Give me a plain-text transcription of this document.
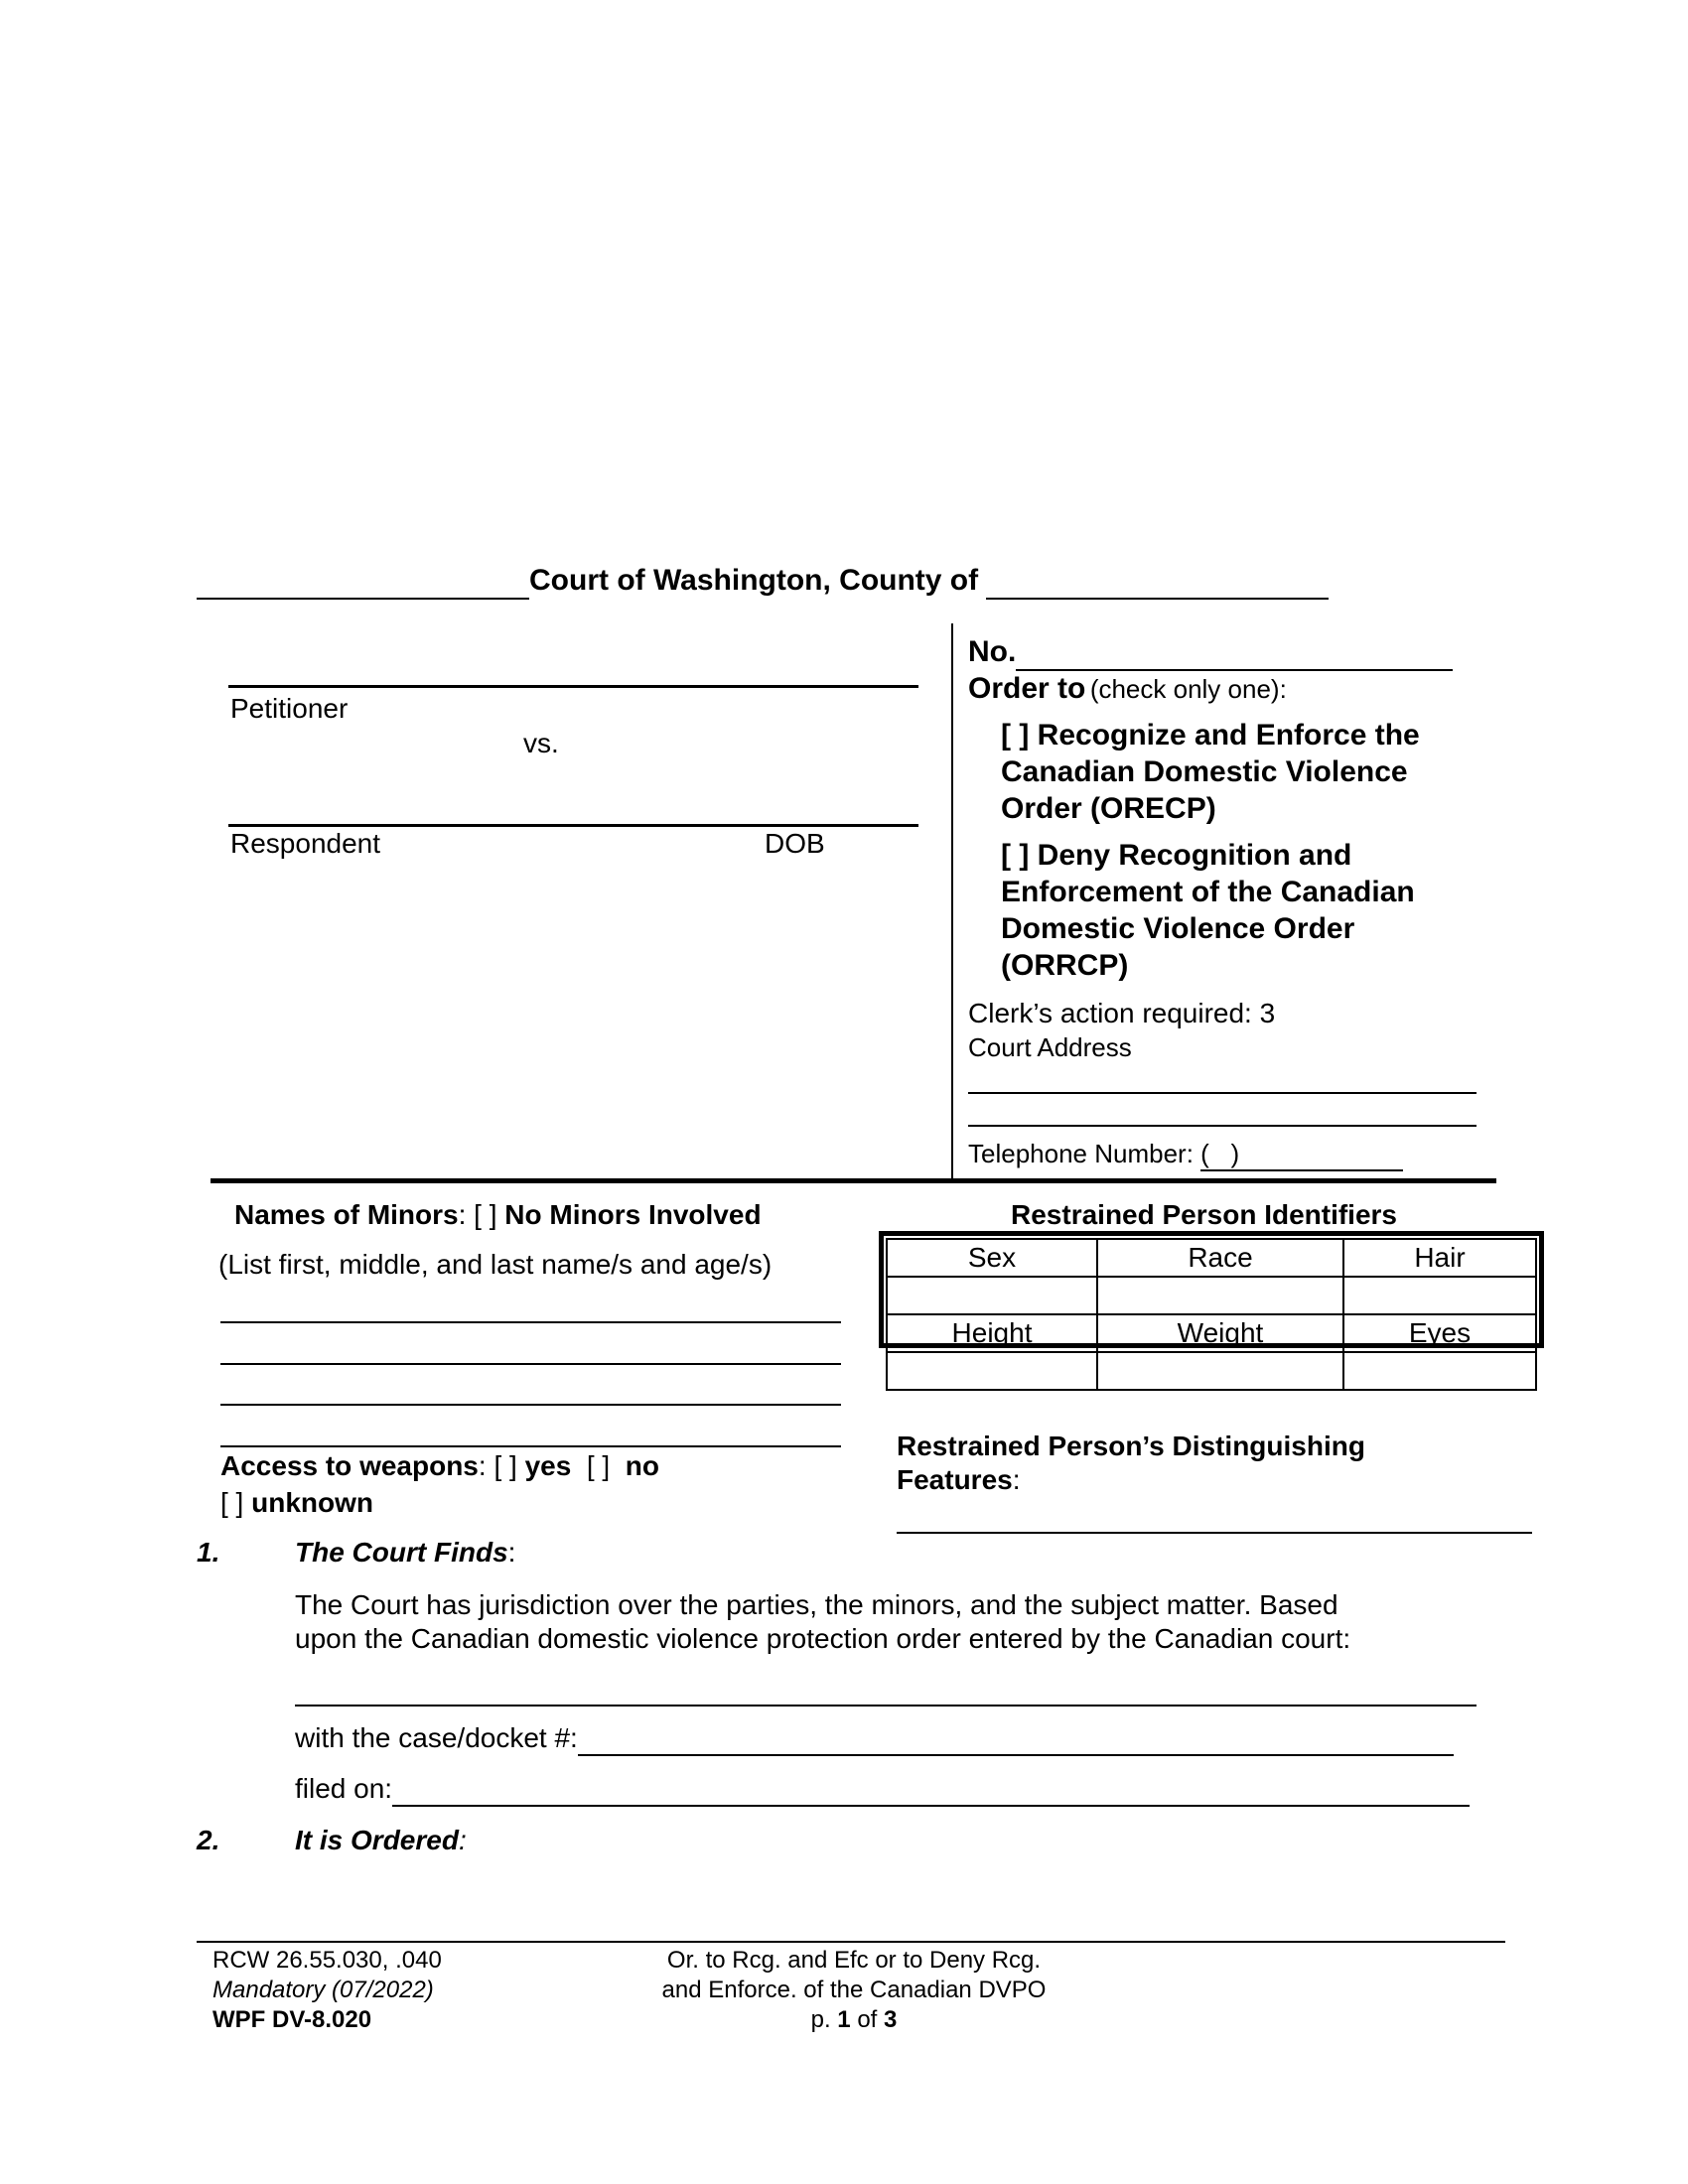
Court of Washington, County of
Petitioner
vs.
Respondent	DOB
No.
Order to (check only one):
[ ] Recognize and Enforce the Canadian Domestic Violence Order (ORECP)
[ ] Deny Recognition and Enforcement of the Canadian Domestic Violence Order (ORRCP)
Clerk’s action required: 3
Court Address
Telephone Number: (   )
Names of Minors: [ ] No Minors Involved
(List first, middle, and last name/s and age/s)
Access to weapons: [ ] yes [ ] no
[ ] unknown
Restrained Person Identifiers
Sex	Race	Hair

Height	Weight	Eyes

Restrained Person’s Distinguishing Features:
1.	The Court Finds:
The Court has jurisdiction over the parties, the minors, and the subject matter. Based
upon the Canadian domestic violence protection order entered by the Canadian court:
with the case/docket #:
filed on:
2.	It is Ordered:
RCW 26.55.030, .040
Mandatory (07/2022)
WPF DV-8.020
Or. to Rcg. and Efc or to Deny Rcg.
and Enforce. of the Canadian DVPO
p. 1 of 3
